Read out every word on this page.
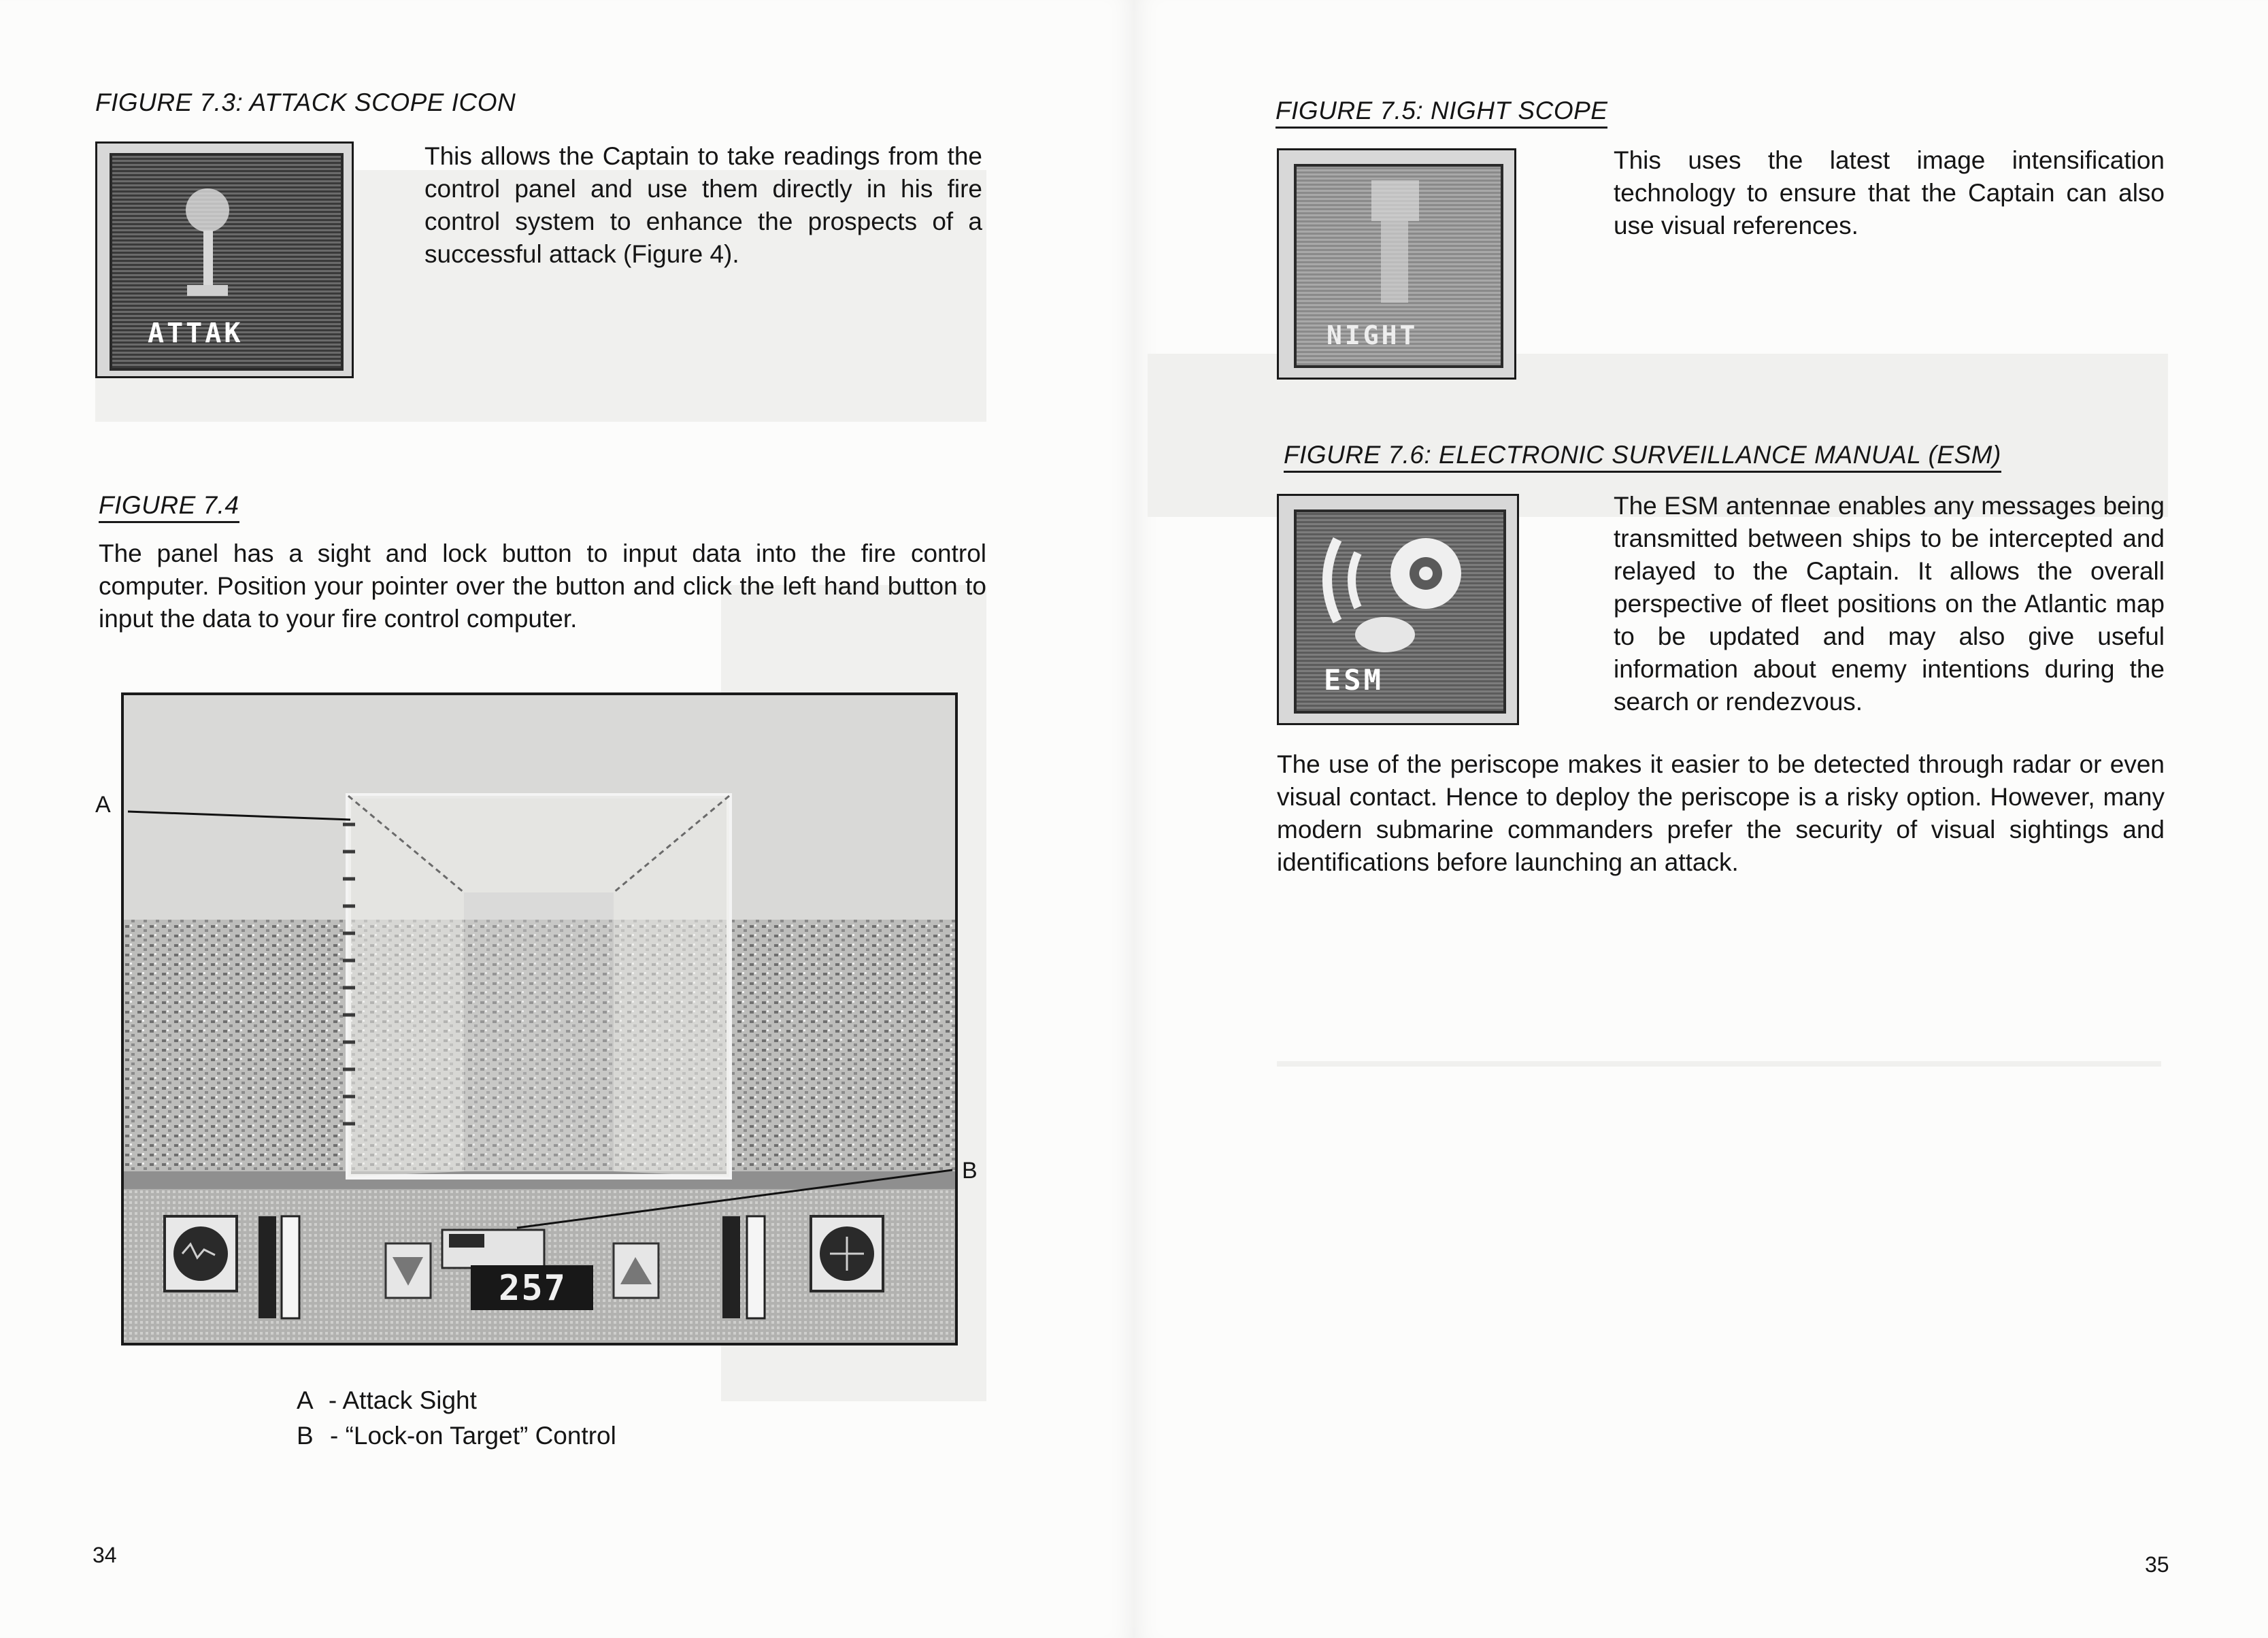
FIGURE 7.3: ATTACK SCOPE ICON
ATTAK
This allows the Captain to take readings from the control panel and use them directly in his fire control system to enhance the prospects of a successful attack (Figure 4).
FIGURE 7.4
The panel has a sight and lock button to input data into the fire control computer. Position your pointer over the button and click the left hand button to input the data to your fire control computer.
257
A
B
A - Attack Sight
B - “Lock-on Target” Control
34
FIGURE 7.5: NIGHT SCOPE
NIGHT
This uses the latest image intensification technology to ensure that the Captain can also use visual references.
FIGURE 7.6: ELECTRONIC SURVEILLANCE MANUAL (ESM)
ESM
The ESM antennae enables any messages being transmitted between ships to be intercepted and relayed to the Captain. It allows the overall perspective of fleet positions on the Atlantic map to be updated and may also give useful information about enemy intentions during the search or rendezvous.
The use of the periscope makes it easier to be detected through radar or even visual contact. Hence to deploy the periscope is a risky option. However, many modern submarine commanders prefer the security of visual sightings and identifications before launching an attack.
35
